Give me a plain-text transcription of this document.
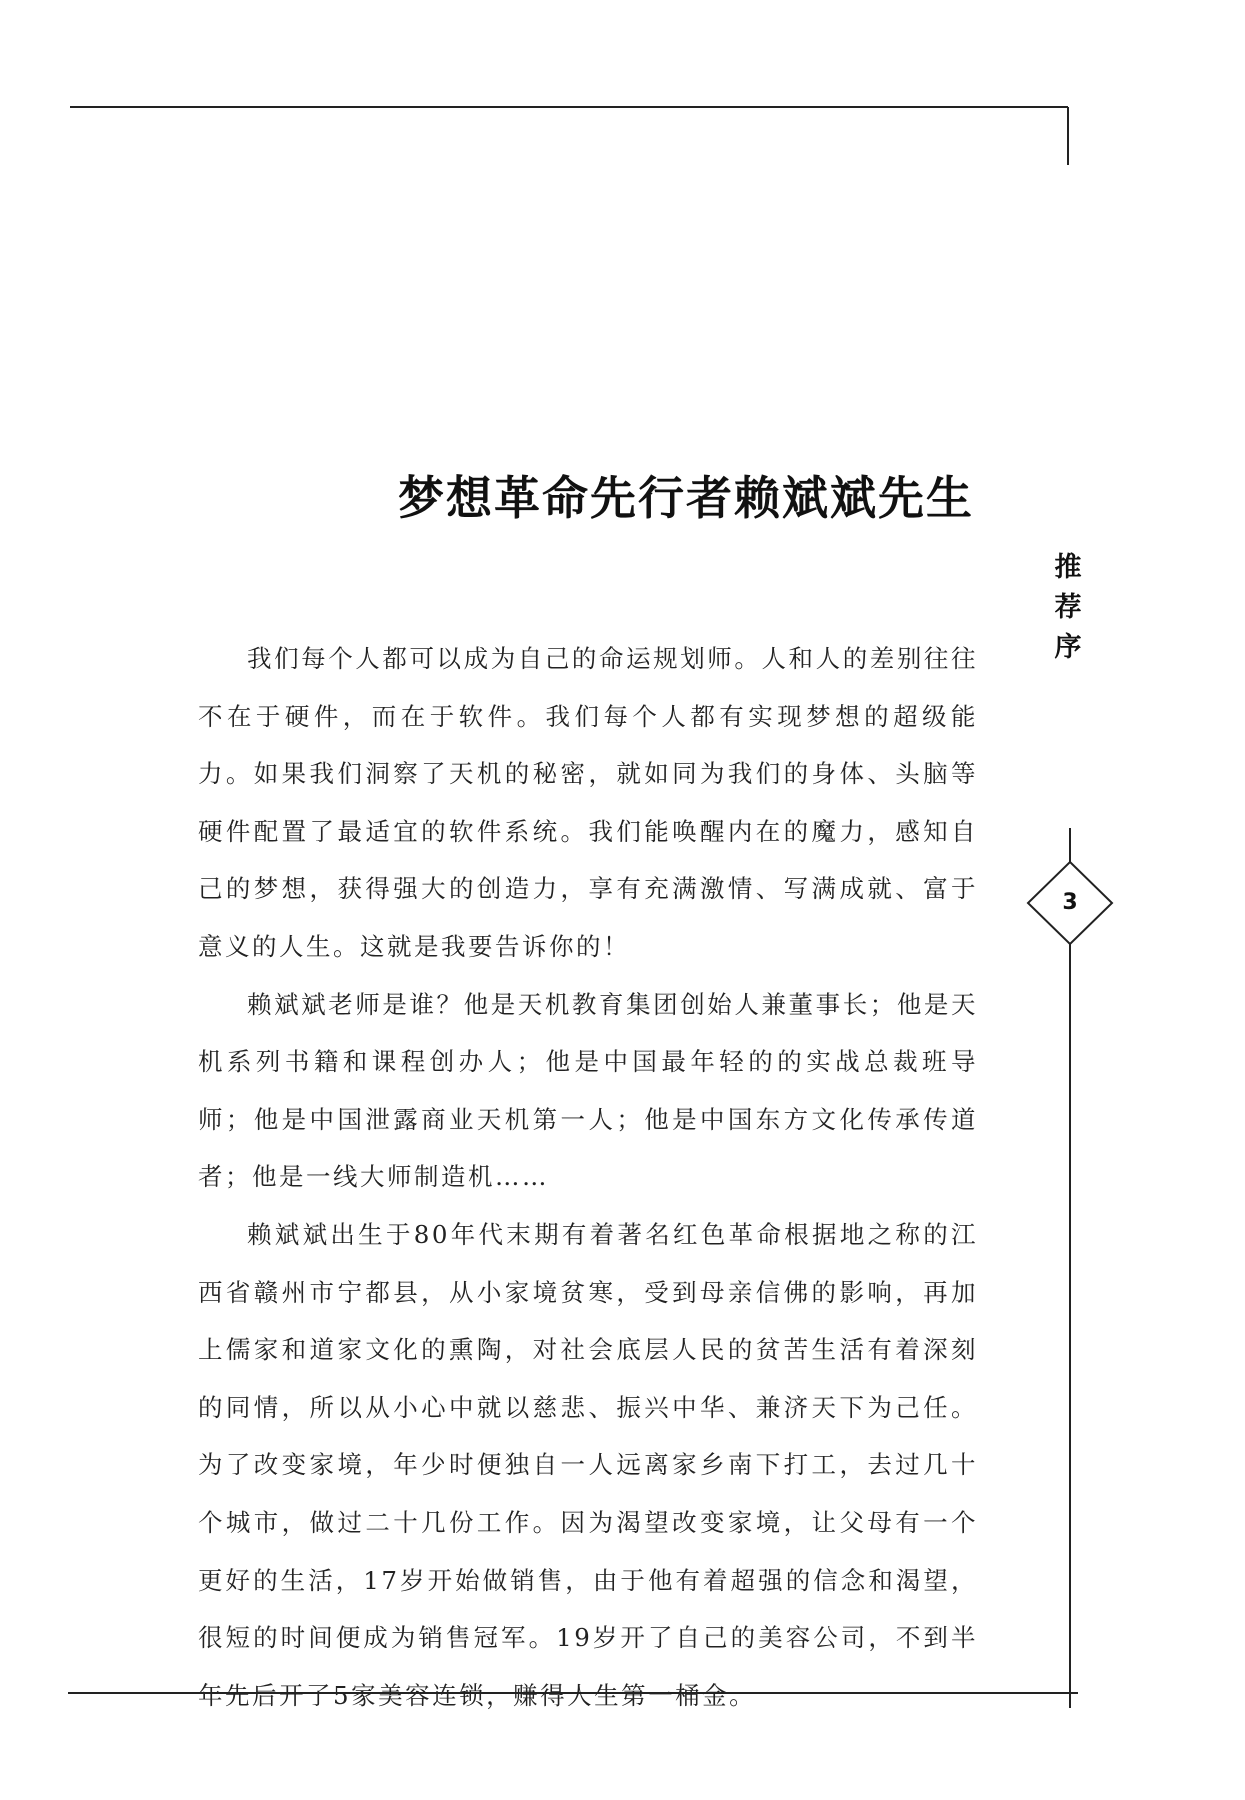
梦想革命先行者赖斌斌先生
推
荐
序
3

我们每个人都可以成为自己的命运规划师。人和人的差别往往不在于硬件，而在于软件。我们每个人都有实现梦想的超级能力。如果我们洞察了天机的秘密，就如同为我们的身体、头脑等硬件配置了最适宜的软件系统。我们能唤醒内在的魔力，感知自己的梦想，获得强大的创造力，享有充满激情、写满成就、富于意义的人生。这就是我要告诉你的！

赖斌斌老师是谁？他是天机教育集团创始人兼董事长；他是天机系列书籍和课程创办人；他是中国最年轻的的实战总裁班导师；他是中国泄露商业天机第一人；他是中国东方文化传承传道者；他是一线大师制造机……

赖斌斌出生于80年代末期有着著名红色革命根据地之称的江西省赣州市宁都县，从小家境贫寒，受到母亲信佛的影响，再加上儒家和道家文化的熏陶，对社会底层人民的贫苦生活有着深刻的同情，所以从小心中就以慈悲、振兴中华、兼济天下为己任。为了改变家境，年少时便独自一人远离家乡南下打工，去过几十个城市，做过二十几份工作。因为渴望改变家境，让父母有一个更好的生活，17岁开始做销售，由于他有着超强的信念和渴望，很短的时间便成为销售冠军。19岁开了自己的美容公司，不到半年先后开了5家美容连锁，赚得人生第一桶金。
